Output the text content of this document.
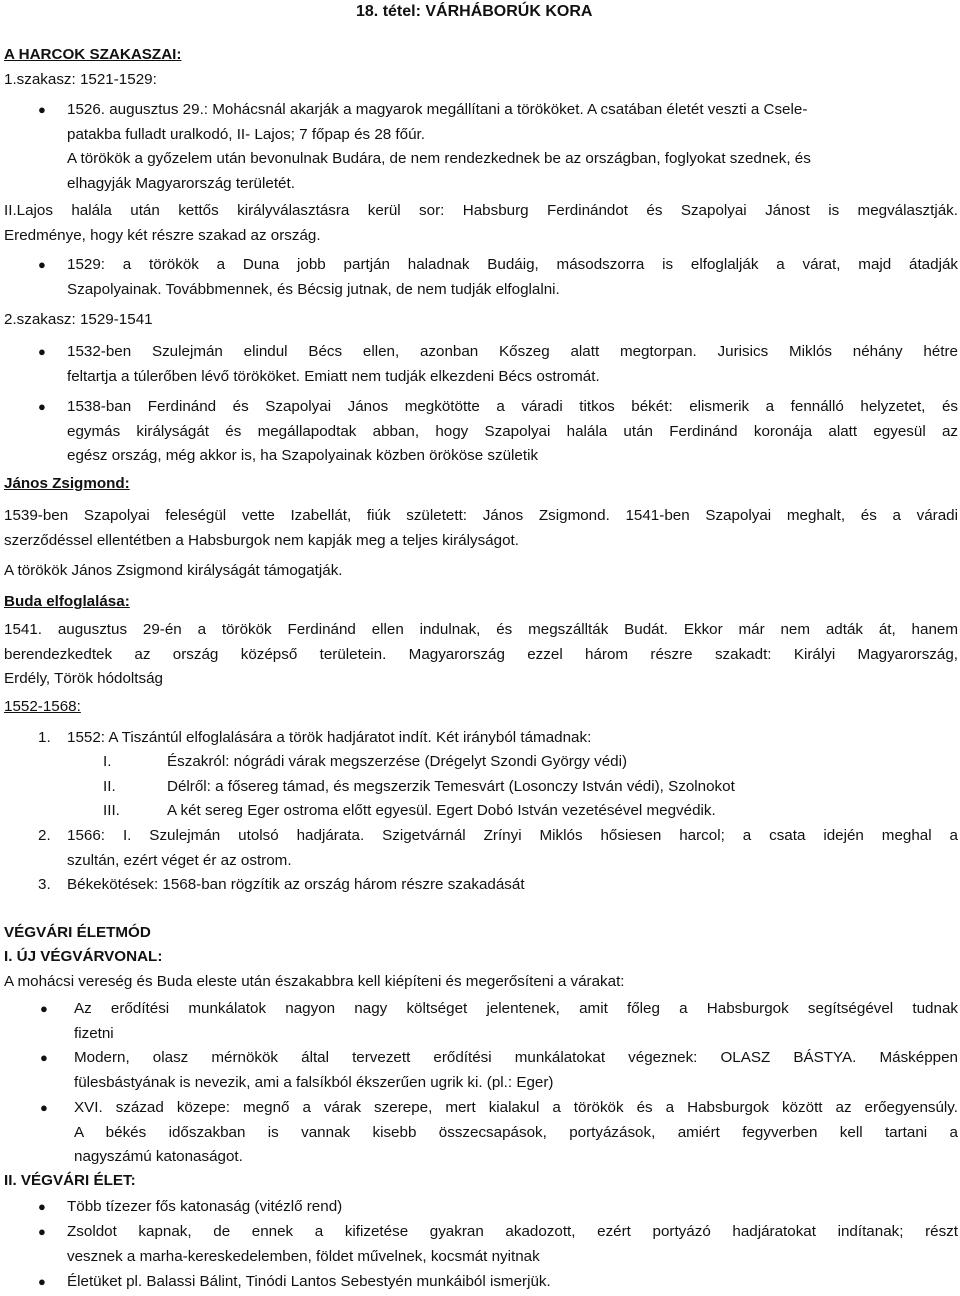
18. tétel: VÁRHÁBORÚK KORA
A HARCOK SZAKASZAI:
1.szakasz: 1521-1529:
● 1526. augusztus 29.: Mohácsnál akarják a magyarok megállítani a törököket. A csatában életét veszti a Csele-
patakba fulladt uralkodó, II- Lajos; 7 főpap és 28 főúr.
A törökök a győzelem után bevonulnak Budára, de nem rendezkednek be az országban, foglyokat szednek, és
elhagyják Magyarország területét.
II.Lajos halála után kettős királyválasztásra kerül sor: Habsburg Ferdinándot és Szapolyai Jánost is megválasztják.
Eredménye, hogy két részre szakad az ország.
● 1529: a törökök a Duna jobb partján haladnak Budáig, másodszorra is elfoglalják a várat, majd átadják
Szapolyainak. Továbbmennek, és Bécsig jutnak, de nem tudják elfoglalni.
2.szakasz: 1529-1541
● 1532-ben Szulejmán elindul Bécs ellen, azonban Kőszeg alatt megtorpan. Jurisics Miklós néhány hétre
feltartja a túlerőben lévő törököket. Emiatt nem tudják elkezdeni Bécs ostromát.
● 1538-ban Ferdinánd és Szapolyai János megkötötte a váradi titkos békét: elismerik a fennálló helyzetet, és
egymás királyságát és megállapodtak abban, hogy Szapolyai halála után Ferdinánd koronája alatt egyesül az
egész ország, még akkor is, ha Szapolyainak közben örököse születik
János Zsigmond:
1539-ben Szapolyai feleségül vette Izabellát, fiúk született: János Zsigmond. 1541-ben Szapolyai meghalt, és a váradi
szerződéssel ellentétben a Habsburgok nem kapják meg a teljes királyságot.
A törökök János Zsigmond királyságát támogatják.
Buda elfoglalása:
1541. augusztus 29-én a törökök Ferdinánd ellen indulnak, és megszállták Budát. Ekkor már nem adták át, hanem
berendezkedtek az ország középső területein. Magyarország ezzel három részre szakadt: Királyi Magyarország,
Erdély, Török hódoltság
1552-1568:
1. 1552: A Tiszántúl elfoglalására a török hadjáratot indít. Két irányból támadnak:
I.	Északról: nógrádi várak megszerzése (Drégelyt Szondi György védi)
II.	Délről: a fősereg támad, és megszerzik Temesvárt (Losonczy István védi), Szolnokot
III.	A két sereg Eger ostroma előtt egyesül. Egert Dobó István vezetésével megvédik.
2. 1566: I. Szulejmán utolsó hadjárata. Szigetvárnál Zrínyi Miklós hősiesen harcol; a csata idején meghal a
szultán, ezért véget ér az ostrom.
3. Békekötések: 1568-ban rögzítik az ország három részre szakadását
VÉGVÁRI ÉLETMÓD
I. ÚJ VÉGVÁRVONAL:
A mohácsi vereség és Buda eleste után északabbra kell kiépíteni és megerősíteni a várakat:
● Az erődítési munkálatok nagyon nagy költséget jelentenek, amit főleg a Habsburgok segítségével tudnak
fizetni
● Modern, olasz mérnökök által tervezett erődítési munkálatokat végeznek: OLASZ BÁSTYA. Másképpen
fülesbástyának is nevezik, ami a falsíkból ékszerűen ugrik ki. (pl.: Eger)
● XVI. század közepe: megnő a várak szerepe, mert kialakul a törökök és a Habsburgok között az erőegyensúly.
A békés időszakban is vannak kisebb összecsapások, portyázások, amiért fegyverben kell tartani a
nagyszámú katonaságot.
II. VÉGVÁRI ÉLET:
● Több tízezer fős katonaság (vitézlő rend)
● Zsoldot kapnak, de ennek a kifizetése gyakran akadozott, ezért portyázó hadjáratokat indítanak; részt
vesznek a marha-kereskedelemben, földet művelnek, kocsmát nyitnak
● Életüket pl. Balassi Bálint, Tinódi Lantos Sebestyén munkáiból ismerjük.
